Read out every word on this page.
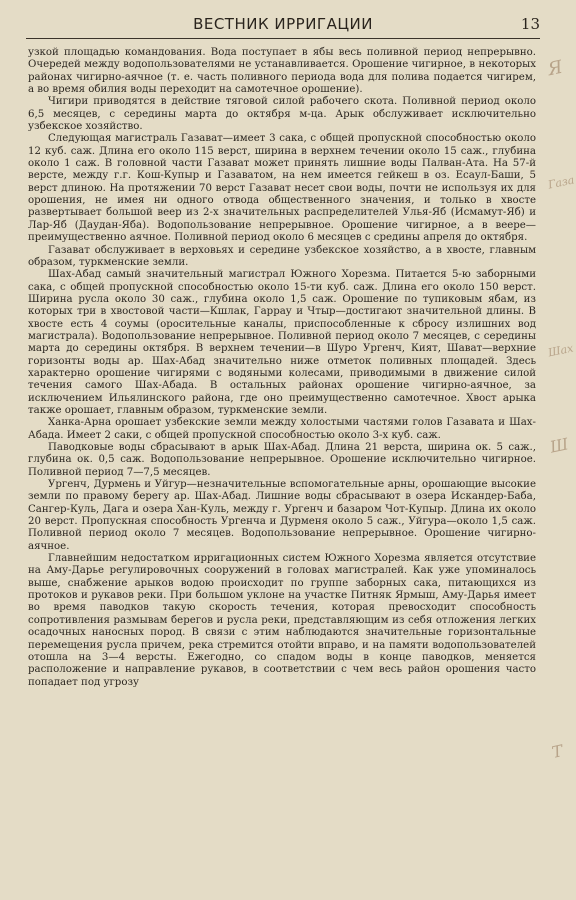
ВЕСТНИК ИРРИГАЦИИ	13

узкой площадью командования. Вода поступает в ябы весь поливной период непрерывно. Очередей между водопользователями не устанавливается. Орошение чигирное, в некоторых районах чигирно-аячное (т. е. часть поливного периода вода для полива подается чигирем, а во время обилия воды переходит на самотечное орошение).

Чигири приводятся в действие тяговой силой рабочего скота. Поливной период около 6,5 месяцев, с середины марта до октября м-ца. Арык обслуживает исключительно узбекское хозяйство.

Следующая магистраль Газават—имеет 3 сака, с общей пропускной способностью около 12 куб. саж. Длина его около 115 верст, ширина в верхнем течении около 15 саж., глубина около 1 саж. В головной части Газават может принять лишние воды Палван-Ата. На 57-й версте, между г.г. Кош-Купыр и Газаватом, на нем имеется гейкеш в оз. Есаул-Баши, 5 верст длиною. На протяжении 70 верст Газават несет свои воды, почти не используя их для орошения, не имея ни одного отвода общественного значения, и только в хвосте развертывает большой веер из 2-х значительных распределителей Улья-Яб (Исмамут-Яб) и Лар-Яб (Даудан-Яба). Водопользование непрерывное. Орошение чигирное, а в веере—преимущественно аячное. Поливной период около 6 месяцев с средины апреля до октября.

Газават обслуживает в верховьях и середине узбекское хозяйство, а в хвосте, главным образом, туркменские земли.

Шах-Абад самый значительный магистрал Южного Хорезма. Питается 5-ю заборными сака, с общей пропускной способностью около 15-ти куб. саж. Длина его около 150 верст. Ширина русла около 30 саж., глубина около 1,5 саж. Орошение по тупиковым ябам, из которых три в хвостовой части—Кшлак, Гаррау и Чтыр—достигают значительной длины. В хвосте есть 4 соумы (оросительные каналы, приспособленные к сбросу излишних вод магистрала). Водопользование непрерывное. Поливной период около 7 месяцев, с середины марта до середины октября. В верхнем течении—в Шуро Ургенч, Кият, Шават—верхние горизонты воды ар. Шах-Абад значительно ниже отметок поливных площадей. Здесь характерно орошение чигирями с водяными колесами, приводимыми в движение силой течения самого Шах-Абада. В остальных районах орошение чигирно-аячное, за исключением Ильялинского района, где оно преимущественно самотечное. Хвост арыка также орошает, главным образом, туркменские земли.

Ханка-Арна орошает узбекские земли между холостыми частями голов Газавата и Шах-Абада. Имеет 2 саки, с общей пропускной способностью около 3-х куб. саж.

Паводковые воды сбрасывают в арык Шах-Абад. Длина 21 верста, ширина ок. 5 саж., глубина ок. 0,5 саж. Водопользование непрерывное. Орошение исключительно чигирное. Поливной период 7—7,5 месяцев.

Ургенч, Дурмень и Уйгур—незначительные вспомогательные арны, орошающие высокие земли по правому берегу ар. Шах-Абад. Лишние воды сбрасывают в озера Искандер-Баба, Сангер-Куль, Дага и озера Хан-Куль, между г. Ургенч и базаром Чот-Купыр. Длина их около 20 верст. Пропускная способность Ургенча и Дурменя около 5 саж., Уйгура—около 1,5 саж. Поливной период около 7 месяцев. Водопользование непрерывное. Орошение чигирно-аячное.

Главнейшим недостатком ирригационных систем Южного Хорезма является отсутствие на Аму-Дарье регулировочных сооружений в головах магистралей. Как уже упоминалось выше, снабжение арыков водою происходит по группе заборных сака, питающихся из протоков и рукавов реки. При большом уклоне на участке Питняк Ярмыш, Аму-Дарья имеет во время паводков такую скорость течения, которая превосходит способность сопротивления размывам берегов и русла реки, представляющим из себя отложения легких осадочных наносных пород. В связи с этим наблюдаются значительные горизонтальные перемещения русла причем, река стремится отойти вправо, и на памяти водопользователей отошла на 3—4 версты. Ежегодно, со спадом воды в конце паводков, меняется расположение и направление рукавов, в соответствии с чем весь район орошения часто попадает под угрозу

Я
Газа
Шах
Ш
Т
